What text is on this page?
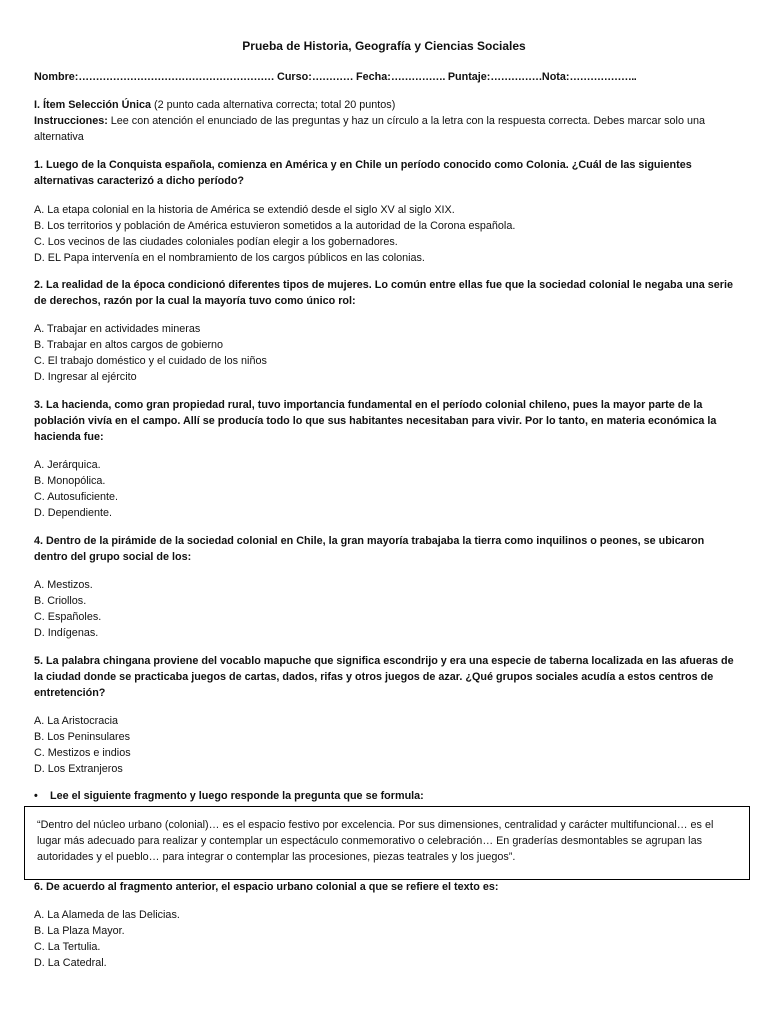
Prueba de Historia, Geografía y Ciencias Sociales
Nombre:………………………………………………… Curso:………… Fecha:……………. Puntaje:……………Nota:………………..
I. Ítem Selección Única (2 punto cada alternativa correcta; total 20 puntos)
Instrucciones: Lee con atención el enunciado de las preguntas y haz un círculo a la letra con la respuesta correcta. Debes marcar solo una alternativa
1. Luego de la Conquista española, comienza en América y en Chile un período conocido como Colonia. ¿Cuál de las siguientes alternativas caracterizó a dicho período?
A. La etapa colonial en la historia de América se extendió desde el siglo XV al siglo XIX.
B. Los territorios y población de América estuvieron sometidos a la autoridad de la Corona española.
C. Los vecinos de las ciudades coloniales podían elegir a los gobernadores.
D. EL Papa intervenía en el nombramiento de los cargos públicos en las colonias.
2. La realidad de la época condicionó diferentes tipos de mujeres. Lo común entre ellas fue que la sociedad colonial le negaba una serie de derechos, razón por la cual la mayoría tuvo como único rol:
A. Trabajar en actividades mineras
B. Trabajar en altos cargos de gobierno
C. El trabajo doméstico y el cuidado de los niños
D. Ingresar al ejército
3. La hacienda, como gran propiedad rural, tuvo importancia fundamental en el período colonial chileno, pues la mayor parte de la población vivía en el campo. Allí se producía todo lo que sus habitantes necesitaban para vivir. Por lo tanto, en materia económica la hacienda fue:
A. Jerárquica.
B. Monopólica.
C. Autosuficiente.
D. Dependiente.
4. Dentro de la pirámide de la sociedad colonial en Chile, la gran mayoría trabajaba la tierra como inquilinos o peones, se ubicaron dentro del grupo social de los:
A. Mestizos.
B. Criollos.
C. Españoles.
D. Indígenas.
5. La palabra chingana proviene del vocablo mapuche que significa escondrijo y era una especie de taberna localizada en las afueras de la ciudad donde se practicaba juegos de cartas, dados, rifas y otros juegos de azar. ¿Qué grupos sociales acudía a estos centros de entretención?
A. La Aristocracia
B. Los Peninsulares
C. Mestizos e indios
D. Los Extranjeros
• Lee el siguiente fragmento y luego responde la pregunta que se formula:
“Dentro del núcleo urbano (colonial)… es el espacio festivo por excelencia. Por sus dimensiones, centralidad y carácter multifuncional… es el lugar más adecuado para realizar y contemplar un espectáculo conmemorativo o celebración… En graderías desmontables se agrupan las autoridades y el pueblo… para integrar o contemplar las procesiones, piezas teatrales y los juegos”.
6. De acuerdo al fragmento anterior, el espacio urbano colonial a que se refiere el texto es:
A. La Alameda de las Delicias.
B. La Plaza Mayor.
C. La Tertulia.
D. La Catedral.
